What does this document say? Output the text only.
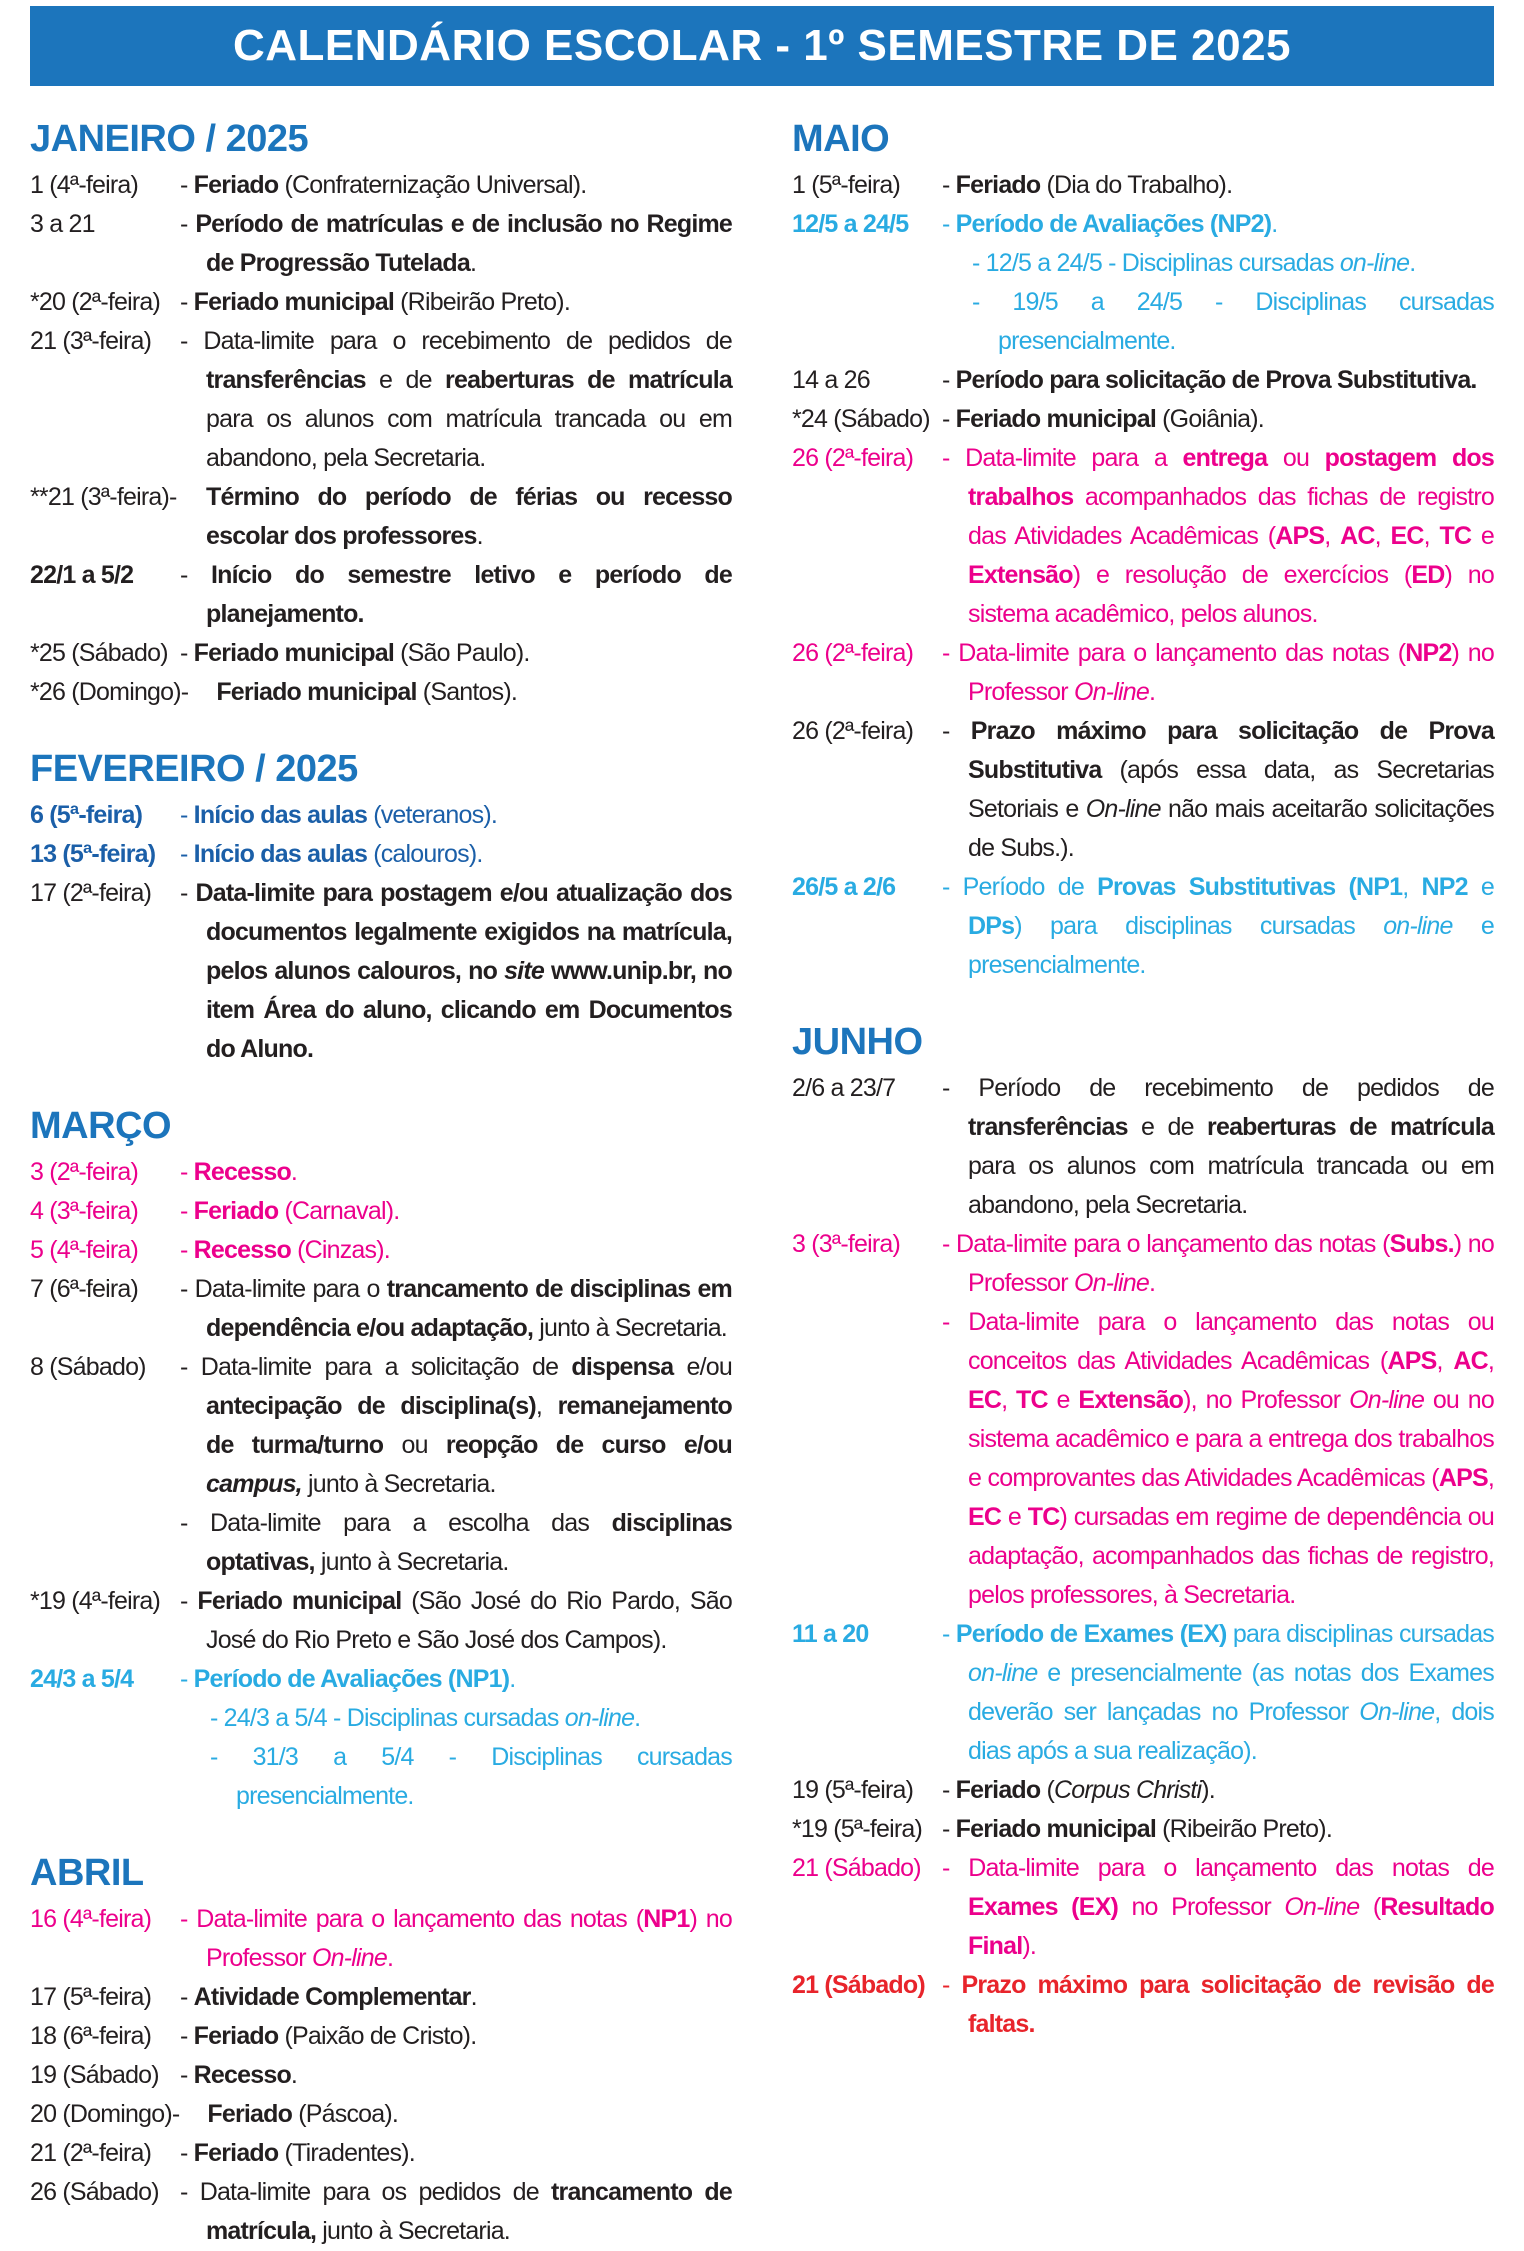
CALENDÁRIO ESCOLAR - 1º SEMESTRE DE 2025
JANEIRO / 2025
1 (4ª-feira)	- Feriado (Confraternização Universal).
3 a 21	- Período de matrículas e de inclusão no Regime de Progressão Tutelada.
*20 (2ª-feira) - Feriado municipal (Ribeirão Preto).
21 (3ª-feira)	- Data-limite para o recebimento de pedidos de transferências e de reaberturas de matrícula para os alunos com matrícula trancada ou em abandono, pela Secretaria.
**21 (3ª-feira)-	Término do período de férias ou recesso escolar dos professores.
22/1 a 5/2	- Início do semestre letivo e período de planejamento.
*25 (Sábado) - Feriado municipal (São Paulo).
*26 (Domingo)-	Feriado municipal (Santos).
FEVEREIRO / 2025
6 (5ª-feira)	- Início das aulas (veteranos).
13 (5ª-feira) - Início das aulas (calouros).
17 (2ª-feira)	- Data-limite para postagem e/ou atualização dos documentos legalmente exigidos na matrícula, pelos alunos calouros, no site www.unip.br, no item Área do aluno, clicando em Documentos do Aluno.
MARÇO
3 (2ª-feira)	- Recesso.
4 (3ª-feira)	- Feriado (Carnaval).
5 (4ª-feira)	- Recesso (Cinzas).
7 (6ª-feira)	- Data-limite para o trancamento de disciplinas em dependência e/ou adaptação, junto à Secretaria.
8 (Sábado)	- Data-limite para a solicitação de dispensa e/ou antecipação de disciplina(s), remanejamento de turma/turno ou reopção de curso e/ou campus, junto à Secretaria.
- Data-limite para a escolha das disciplinas optativas, junto à Secretaria.
*19 (4ª-feira) - Feriado municipal (São José do Rio Pardo, São José do Rio Preto e São José dos Campos).
24/3 a 5/4	- Período de Avaliações (NP1).
- 24/3 a 5/4 - Disciplinas cursadas on-line.
- 31/3 a 5/4 - Disciplinas cursadas presencialmente.
ABRIL
16 (4ª-feira)	- Data-limite para o lançamento das notas (NP1) no Professor On-line.
17 (5ª-feira)	- Atividade Complementar.
18 (6ª-feira)	- Feriado (Paixão de Cristo).
19 (Sábado) - Recesso.
20 (Domingo)-	Feriado (Páscoa).
21 (2ª-feira)	- Feriado (Tiradentes).
26 (Sábado) - Data-limite para os pedidos de trancamento de matrícula, junto à Secretaria.
MAIO
1 (5ª-feira)	- Feriado (Dia do Trabalho).
12/5 a 24/5	- Período de Avaliações (NP2).
- 12/5 a 24/5 - Disciplinas cursadas on-line.
- 19/5 a 24/5 - Disciplinas cursadas presencialmente.
14 a 26	- Período para solicitação de Prova Substitutiva.
*24 (Sábado) - Feriado municipal (Goiânia).
26 (2ª-feira)	- Data-limite para a entrega ou postagem dos trabalhos acompanhados das fichas de registro das Atividades Acadêmicas (APS, AC, EC, TC e Extensão) e resolução de exercícios (ED) no sistema acadêmico, pelos alunos.
26 (2ª-feira)	- Data-limite para o lançamento das notas (NP2) no Professor On-line.
26 (2ª-feira)	- Prazo máximo para solicitação de Prova Substitutiva (após essa data, as Secretarias Setoriais e On-line não mais aceitarão solicitações de Subs.).
26/5 a 2/6	- Período de Provas Substitutivas (NP1, NP2 e DPs) para disciplinas cursadas on-line e presencialmente.
JUNHO
2/6 a 23/7	- Período de recebimento de pedidos de transferências e de reaberturas de matrícula para os alunos com matrícula trancada ou em abandono, pela Secretaria.
3 (3ª-feira)	- Data-limite para o lançamento das notas (Subs.) no Professor On-line.
- Data-limite para o lançamento das notas ou conceitos das Atividades Acadêmicas (APS, AC, EC, TC e Extensão), no Professor On-line ou no sistema acadêmico e para a entrega dos trabalhos e comprovantes das Atividades Acadêmicas (APS, EC e TC) cursadas em regime de dependência ou adaptação, acompanhados das fichas de registro, pelos professores, à Secretaria.
11 a 20	- Período de Exames (EX) para disciplinas cursadas on-line e presencialmente (as notas dos Exames deverão ser lançadas no Professor On-line, dois dias após a sua realização).
19 (5ª-feira)	- Feriado (Corpus Christi).
*19 (5ª-feira) - Feriado municipal (Ribeirão Preto).
21 (Sábado) - Data-limite para o lançamento das notas de Exames (EX) no Professor On-line (Resultado Final).
21 (Sábado) - Prazo máximo para solicitação de revisão de faltas.
